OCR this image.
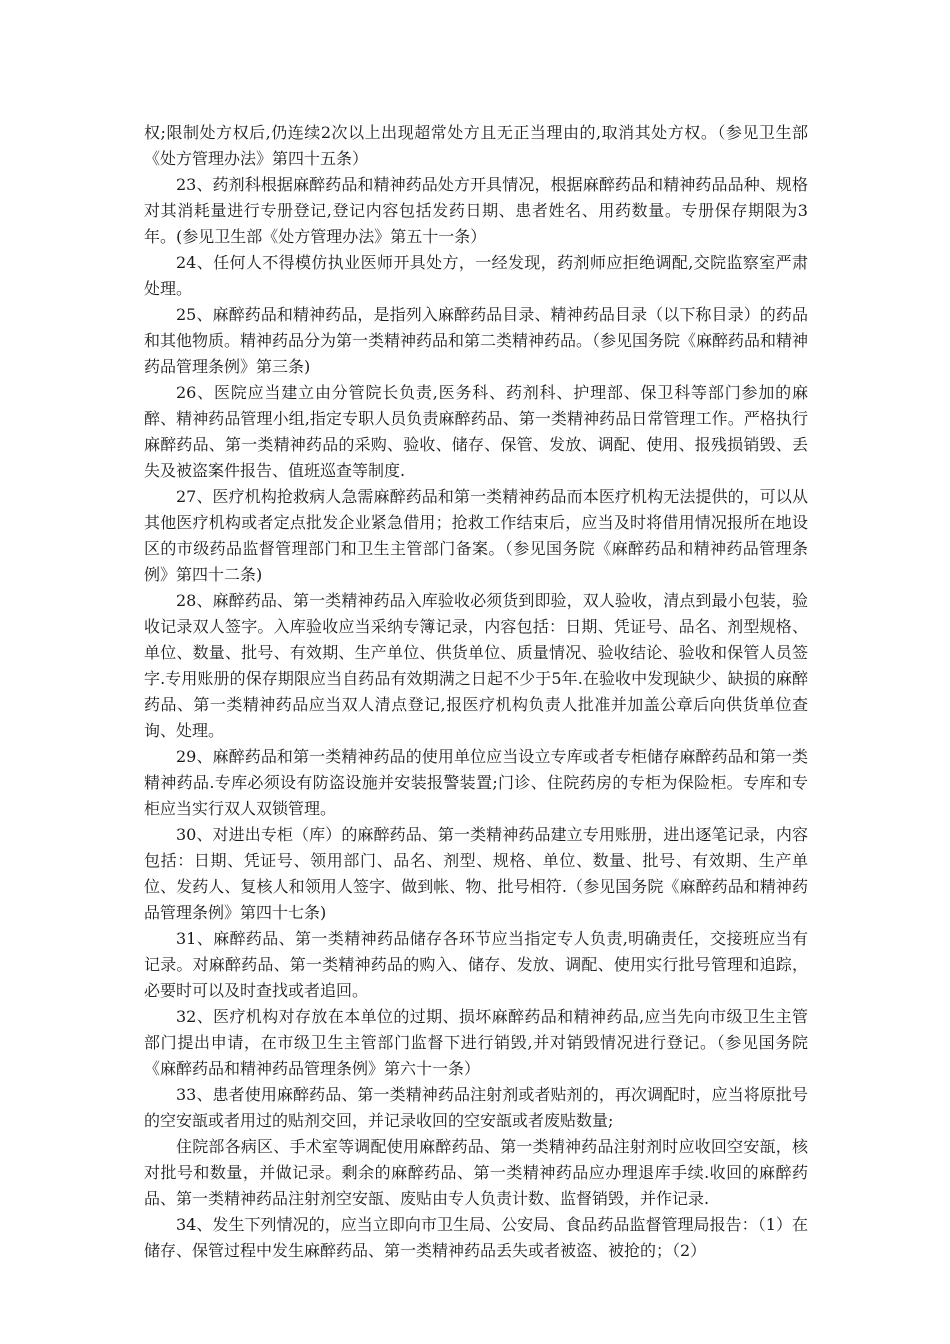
权;限制处方权后,仍连续2次以上出现超常处方且无正当理由的,取消其处方权。（参见卫生部《处方管理办法》第四十五条）

23、药剂科根据麻醉药品和精神药品处方开具情况，根据麻醉药品和精神药品品种、规格对其消耗量进行专册登记,登记内容包括发药日期、患者姓名、用药数量。专册保存期限为3年。(参见卫生部《处方管理办法》第五十一条）

24、任何人不得模仿执业医师开具处方，一经发现，药剂师应拒绝调配,交院监察室严肃处理。

25、麻醉药品和精神药品，是指列入麻醉药品目录、精神药品目录（以下称目录）的药品和其他物质。精神药品分为第一类精神药品和第二类精神药品。（参见国务院《麻醉药品和精神药品管理条例》第三条)

26、医院应当建立由分管院长负责,医务科、药剂科、护理部、保卫科等部门参加的麻醉、精神药品管理小组,指定专职人员负责麻醉药品、第一类精神药品日常管理工作。严格执行麻醉药品、第一类精神药品的采购、验收、储存、保管、发放、调配、使用、报残损销毁、丢失及被盗案件报告、值班巡查等制度.

27、医疗机构抢救病人急需麻醉药品和第一类精神药品而本医疗机构无法提供的，可以从其他医疗机构或者定点批发企业紧急借用；抢救工作结束后，应当及时将借用情况报所在地设区的市级药品监督管理部门和卫生主管部门备案。（参见国务院《麻醉药品和精神药品管理条例》第四十二条)

28、麻醉药品、第一类精神药品入库验收必须货到即验，双人验收，清点到最小包装，验收记录双人签字。入库验收应当采纳专簿记录，内容包括：日期、凭证号、品名、剂型规格、单位、数量、批号、有效期、生产单位、供货单位、质量情况、验收结论、验收和保管人员签字.专用账册的保存期限应当自药品有效期满之日起不少于5年.在验收中发现缺少、缺损的麻醉药品、第一类精神药品应当双人清点登记,报医疗机构负责人批准并加盖公章后向供货单位查询、处理。

29、麻醉药品和第一类精神药品的使用单位应当设立专库或者专柜储存麻醉药品和第一类精神药品.专库必须设有防盗设施并安装报警装置;门诊、住院药房的专柜为保险柜。专库和专柜应当实行双人双锁管理。

30、对进出专柜（库）的麻醉药品、第一类精神药品建立专用账册，进出逐笔记录，内容包括：日期、凭证号、领用部门、品名、剂型、规格、单位、数量、批号、有效期、生产单位、发药人、复核人和领用人签字、做到帐、物、批号相符.（参见国务院《麻醉药品和精神药品管理条例》第四十七条)

31、麻醉药品、第一类精神药品储存各环节应当指定专人负责,明确责任，交接班应当有记录。对麻醉药品、第一类精神药品的购入、储存、发放、调配、使用实行批号管理和追踪，必要时可以及时查找或者追回。

32、医疗机构对存放在本单位的过期、损坏麻醉药品和精神药品,应当先向市级卫生主管部门提出申请，在市级卫生主管部门监督下进行销毁,并对销毁情况进行登记。（参见国务院《麻醉药品和精神药品管理条例》第六十一条）

33、患者使用麻醉药品、第一类精神药品注射剂或者贴剂的，再次调配时，应当将原批号的空安瓿或者用过的贴剂交回，并记录收回的空安瓿或者废贴数量;

住院部各病区、手术室等调配使用麻醉药品、第一类精神药品注射剂时应收回空安瓿，核对批号和数量，并做记录。剩余的麻醉药品、第一类精神药品应办理退库手续.收回的麻醉药品、第一类精神药品注射剂空安瓿、废贴由专人负责计数、监督销毁，并作记录.

34、发生下列情况的，应当立即向市卫生局、公安局、食品药品监督管理局报告：（1）在储存、保管过程中发生麻醉药品、第一类精神药品丢失或者被盗、被抢的；（2）
